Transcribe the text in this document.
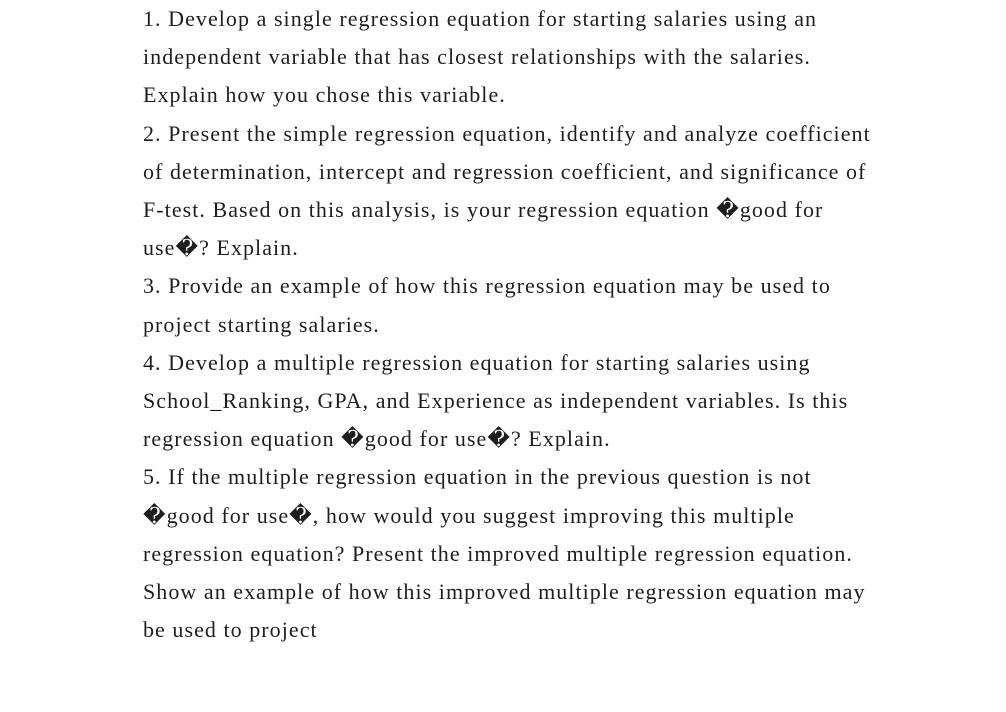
1. Develop a single regression equation for starting salaries using an independent variable that has closest relationships with the salaries. Explain how you chose this variable.

2. Present the simple regression equation, identify and analyze coefficient of determination, intercept and regression coefficient, and significance of F-test. Based on this analysis, is your regression equation �good for use�? Explain.

3. Provide an example of how this regression equation may be used to project starting salaries.

4. Develop a multiple regression equation for starting salaries using School_Ranking, GPA, and Experience as independent variables. Is this regression equation �good for use�? Explain.

5. If the multiple regression equation in the previous question is not �good for use�, how would you suggest improving this multiple regression equation? Present the improved multiple regression equation. Show an example of how this improved multiple regression equation may be used to project
